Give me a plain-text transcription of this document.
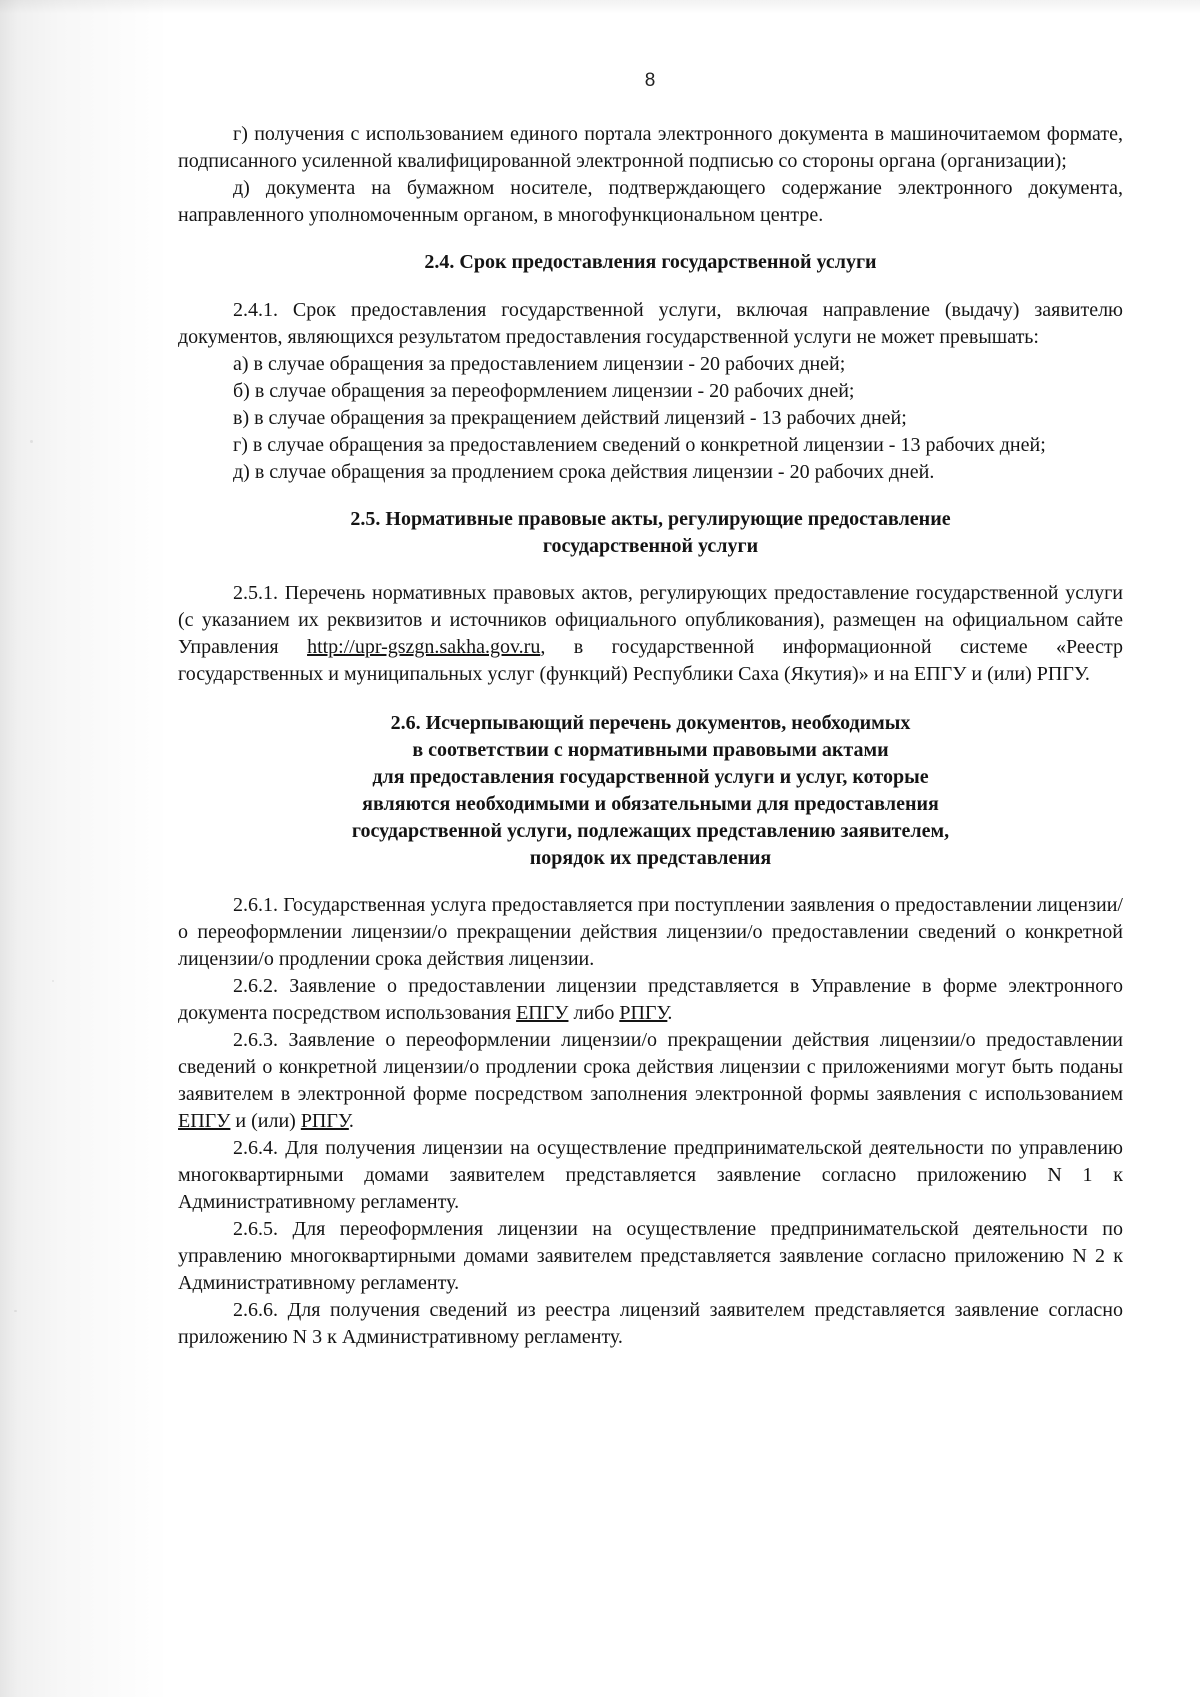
8

г) получения с использованием единого портала электронного документа в машиночитаемом формате, подписанного усиленной квалифицированной электронной подписью со стороны органа (организации);

д) документа на бумажном носителе, подтверждающего содержание электронного документа, направленного уполномоченным органом, в многофункциональном центре.

2.4. Срок предоставления государственной услуги

2.4.1. Срок предоставления государственной услуги, включая направление (выдачу) заявителю документов, являющихся результатом предоставления государственной услуги не может превышать:

а) в случае обращения за предоставлением лицензии - 20 рабочих дней;

б) в случае обращения за переоформлением лицензии - 20 рабочих дней;

в) в случае обращения за прекращением действий лицензий - 13 рабочих дней;

г) в случае обращения за предоставлением сведений о конкретной лицензии - 13 рабочих дней;

д) в случае обращения за продлением срока действия лицензии - 20 рабочих дней.

2.5. Нормативные правовые акты, регулирующие предоставление
государственной услуги

2.5.1. Перечень нормативных правовых актов, регулирующих предоставление государственной услуги (с указанием их реквизитов и источников официального опубликования), размещен на официальном сайте Управления http://upr-gszgn.sakha.gov.ru, в государственной информационной системе «Реестр государственных и муниципальных услуг (функций) Республики Саха (Якутия)» и на ЕПГУ и (или) РПГУ.

2.6. Исчерпывающий перечень документов, необходимых
в соответствии с нормативными правовыми актами
для предоставления государственной услуги и услуг, которые
являются необходимыми и обязательными для предоставления
государственной услуги, подлежащих представлению заявителем,
порядок их представления

2.6.1. Государственная услуга предоставляется при поступлении заявления о предоставлении лицензии/о переоформлении лицензии/о прекращении действия лицензии/о предоставлении сведений о конкретной лицензии/о продлении срока действия лицензии.

2.6.2. Заявление о предоставлении лицензии представляется в Управление в форме электронного документа посредством использования ЕПГУ либо РПГУ.

2.6.3. Заявление о переоформлении лицензии/о прекращении действия лицензии/о предоставлении сведений о конкретной лицензии/о продлении срока действия лицензии с приложениями могут быть поданы заявителем в электронной форме посредством заполнения электронной формы заявления с использованием ЕПГУ и (или) РПГУ.

2.6.4. Для получения лицензии на осуществление предпринимательской деятельности по управлению многоквартирными домами заявителем представляется заявление согласно приложению N 1 к Административному регламенту.

2.6.5. Для переоформления лицензии на осуществление предпринимательской деятельности по управлению многоквартирными домами заявителем представляется заявление согласно приложению N 2 к Административному регламенту.

2.6.6. Для получения сведений из реестра лицензий заявителем представляется заявление согласно приложению N 3 к Административному регламенту.
